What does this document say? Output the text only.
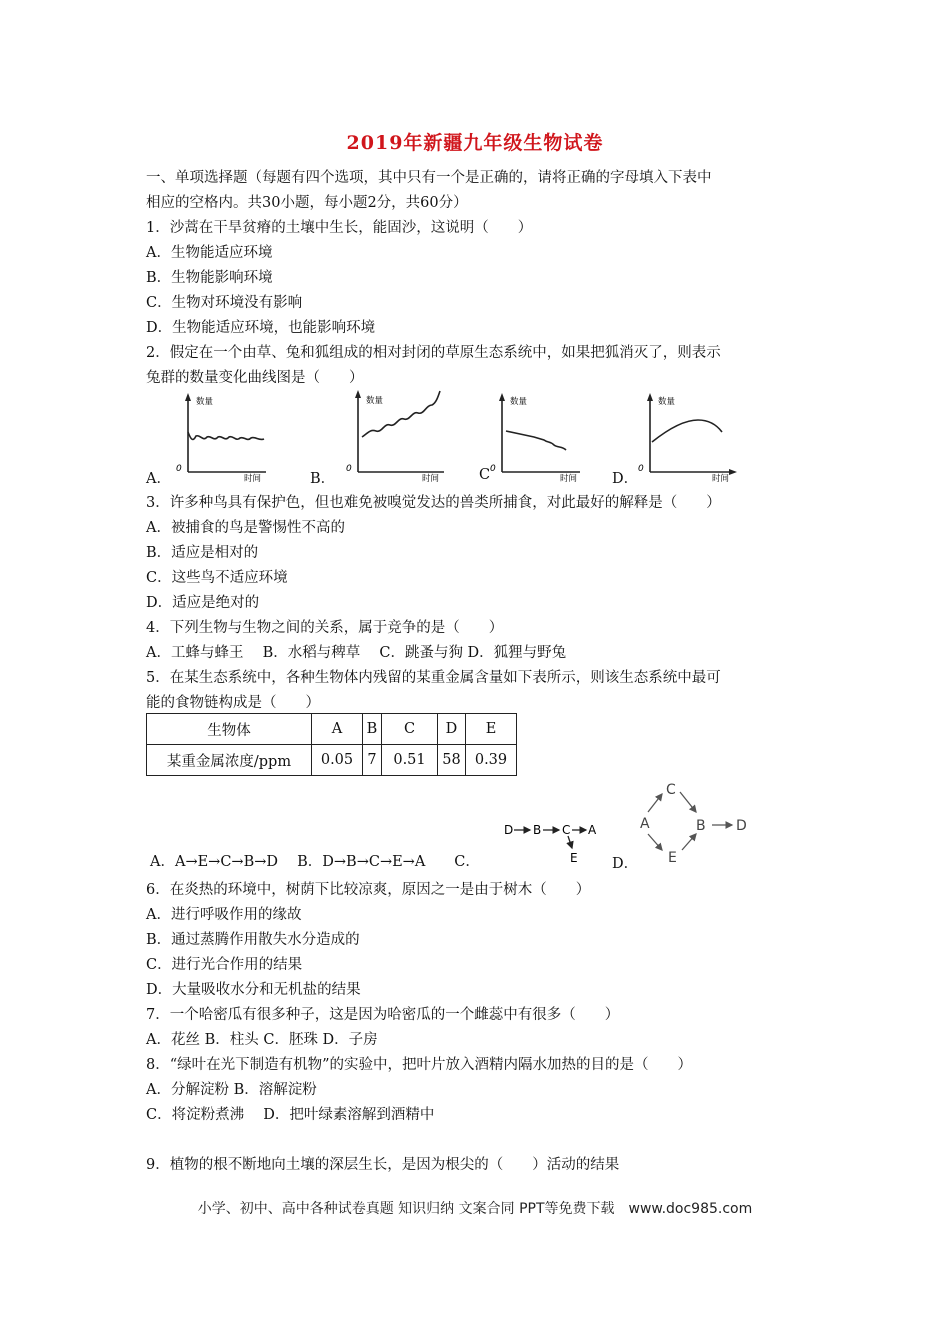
2019年新疆九年级生物试卷
一、单项选择题（每题有四个选项，其中只有一个是正确的，请将正确的字母填入下表中
相应的空格内。共30小题，每小题2分，共60分）
1．沙蒿在干旱贫瘠的土壤中生长，能固沙，这说明（　　）
A．生物能适应环境
B．生物能影响环境
C．生物对环境没有影响
D．生物能适应环境，也能影响环境
2．假定在一个由草、兔和狐组成的相对封闭的草原生态系统中，如果把狐消灭了，则表示
兔群的数量变化曲线图是（　　）
A．
数量
0
时间	B．
数量
0
时间	C
数量
0
时间 D．
数量
0
时间
3．许多种鸟具有保护色，但也难免被嗅觉发达的兽类所捕食，对此最好的解释是（　　）
A．被捕食的鸟是警惕性不高的
B．适应是相对的
C．这些鸟不适应环境
D．适应是绝对的
4．下列生物与生物之间的关系，属于竞争的是（　　）
A．工蜂与蜂王　 B．水稻与稗草　 C．跳蚤与狗 D．狐狸与野兔
5．在某生态系统中，各种生物体内残留的某重金属含量如下表所示，则该生态系统中最可
能的食物链构成是（　　）
生物体	A	B	C	D	E
某重金属浓度/ppm	0.05	7	0.51	58	0.39
A．A→E→C→B→D　 B．D→B→C→E→A　　C．
D B C A
E D．
C
A	B D
E
6．在炎热的环境中，树荫下比较凉爽，原因之一是由于树木（　　）
A．进行呼吸作用的缘故
B．通过蒸腾作用散失水分造成的
C．进行光合作用的结果
D．大量吸收水分和无机盐的结果
7．一个哈密瓜有很多种子，这是因为哈密瓜的一个雌蕊中有很多（　　）
A．花丝 B．柱头 C．胚珠 D．子房
8．“绿叶在光下制造有机物”的实验中，把叶片放入酒精内隔水加热的目的是（　　）
A．分解淀粉 B．溶解淀粉
C．将淀粉煮沸　 D．把叶绿素溶解到酒精中
9．植物的根不断地向土壤的深层生长，是因为根尖的（　　）活动的结果
小学、初中、高中各种试卷真题 知识归纳 文案合同 PPT等免费下载　www.doc985.com
